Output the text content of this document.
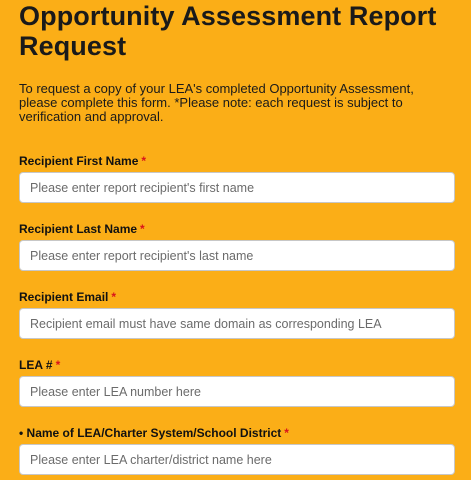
Opportunity Assessment Report Request

To request a copy of your LEA's completed Opportunity Assessment, please complete this form. *Please note: each request is subject to verification and approval.

Recipient First Name *
Please enter report recipient's first name
Recipient Last Name *
Please enter report recipient's last name
Recipient Email *
Recipient email must have same domain as corresponding LEA
LEA # *
Please enter LEA number here
• Name of LEA/Charter System/School District *
Please enter LEA charter/district name here
